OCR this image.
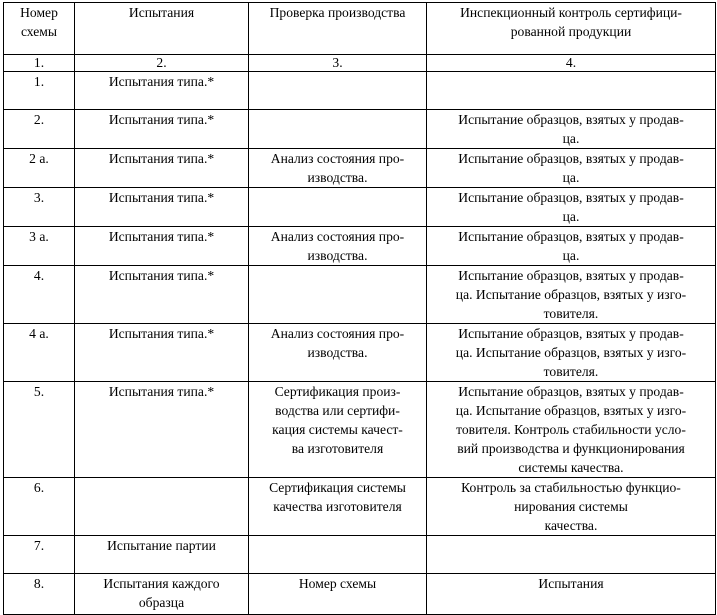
Номер
схемы	Испытания	Проверка производства	Инспекционный контроль сертифици-
рованной продукции
1.	2.	3.	4.
1.	Испытания типа.*		
2.	Испытания типа.*		Испытание образцов, взятых у продав-
ца.
2 а.	Испытания типа.*	Анализ состояния про-
изводства.	Испытание образцов, взятых у продав-
ца.
3.	Испытания типа.*		Испытание образцов, взятых у продав-
ца.
3 а.	Испытания типа.*	Анализ состояния про-
изводства.	Испытание образцов, взятых у продав-
ца.
4.	Испытания типа.*		Испытание образцов, взятых у продав-
ца. Испытание образцов, взятых у изго-
товителя.
4 а.	Испытания типа.*	Анализ состояния про-
изводства.	Испытание образцов, взятых у продав-
ца. Испытание образцов, взятых у изго-
товителя.
5.	Испытания типа.*	Сертификация произ-
водства или сертифи-
кация системы качест-
ва изготовителя	Испытание образцов, взятых у продав-
ца. Испытание образцов, взятых у изго-
товителя. Контроль стабильности усло-
вий производства и функционирования
системы качества.
6.		Сертификация системы
качества изготовителя	Контроль за стабильностью функцио-
нирования системы
качества.
7.	Испытание партии		
8.	Испытания каждого
образца	Номер схемы	Испытания
